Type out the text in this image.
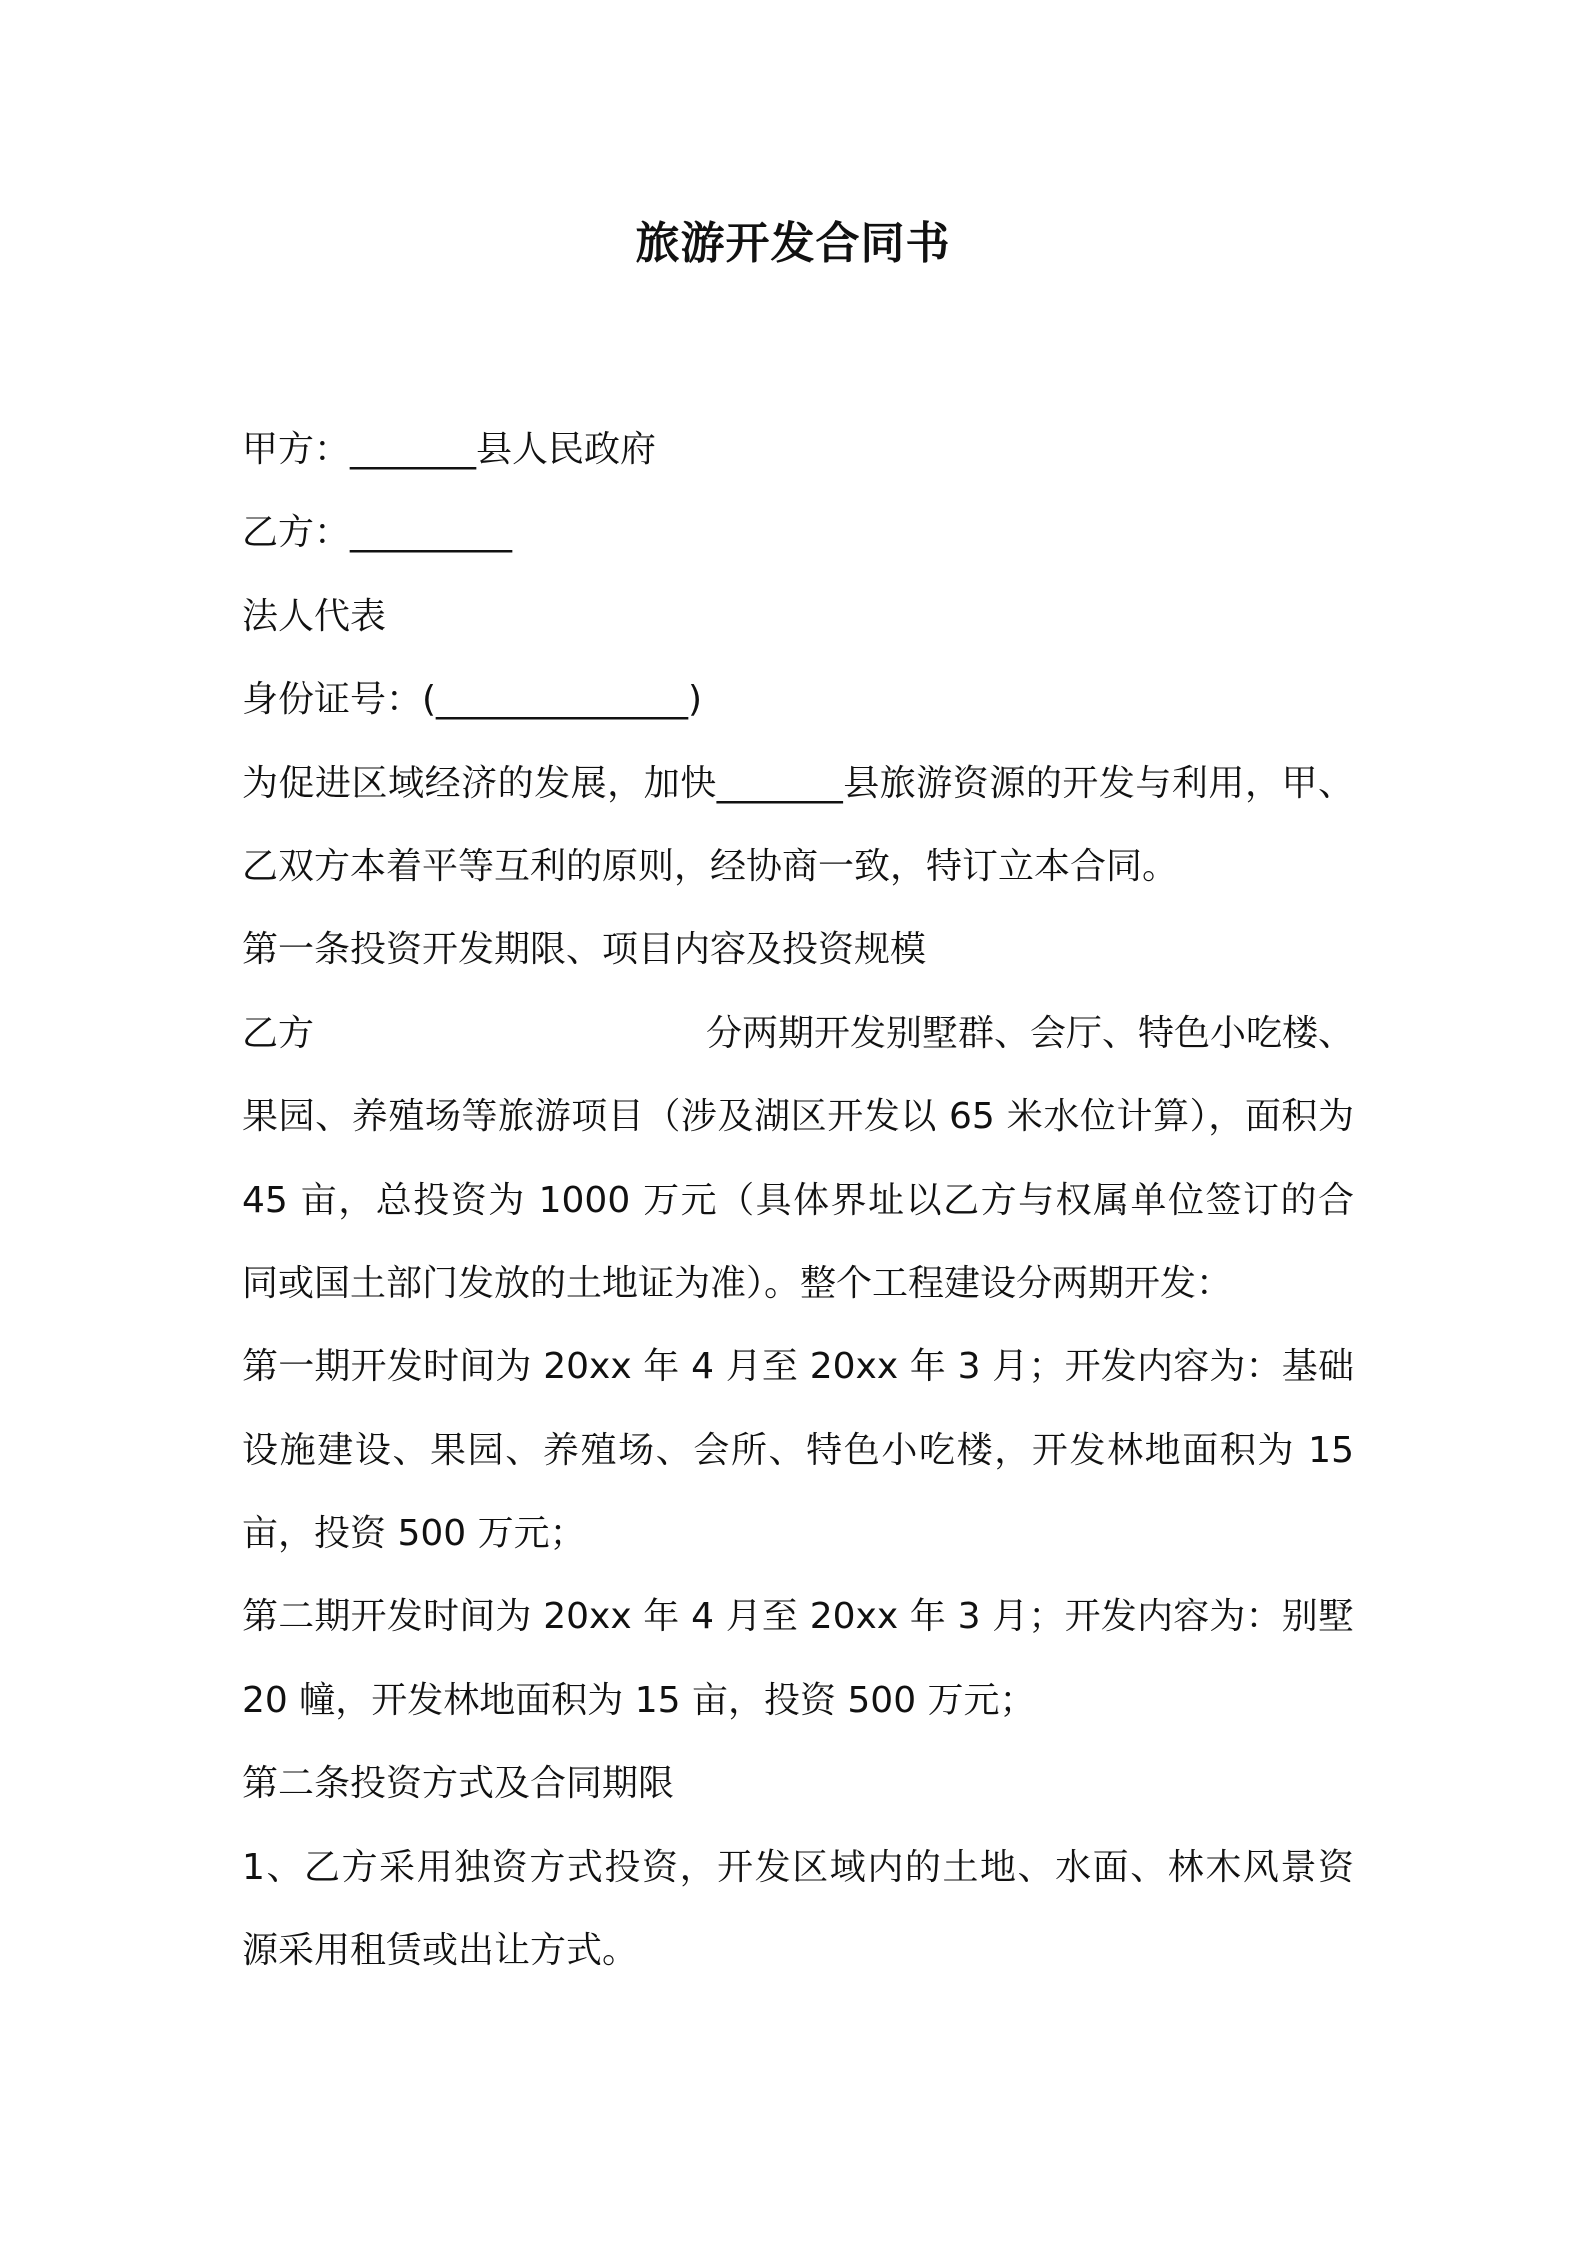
旅游开发合同书

甲方：_______县人民政府

乙方：_________

法人代表

身份证号：(______________)

为促进区域经济的发展，加快_______县旅游资源的开发与利用，甲、

乙双方本着平等互利的原则，经协商一致，特订立本合同。

第一条投资开发期限、项目内容及投资规模

乙方	分两期开发别墅群、会厅、特色小吃楼、

果园、养殖场等旅游项目（涉及湖区开发以 65 米水位计算），面积为

45 亩，总投资为 1000 万元（具体界址以乙方与权属单位签订的合

同或国土部门发放的土地证为准）。整个工程建设分两期开发：

第一期开发时间为 20xx 年 4 月至 20xx 年 3 月；开发内容为：基础

设施建设、果园、养殖场、会所、特色小吃楼，开发林地面积为 15

亩，投资 500 万元；

第二期开发时间为 20xx 年 4 月至 20xx 年 3 月；开发内容为：别墅

20 幢，开发林地面积为 15 亩，投资 500 万元；

第二条投资方式及合同期限

1、乙方采用独资方式投资，开发区域内的土地、水面、林木风景资

源采用租赁或出让方式。
